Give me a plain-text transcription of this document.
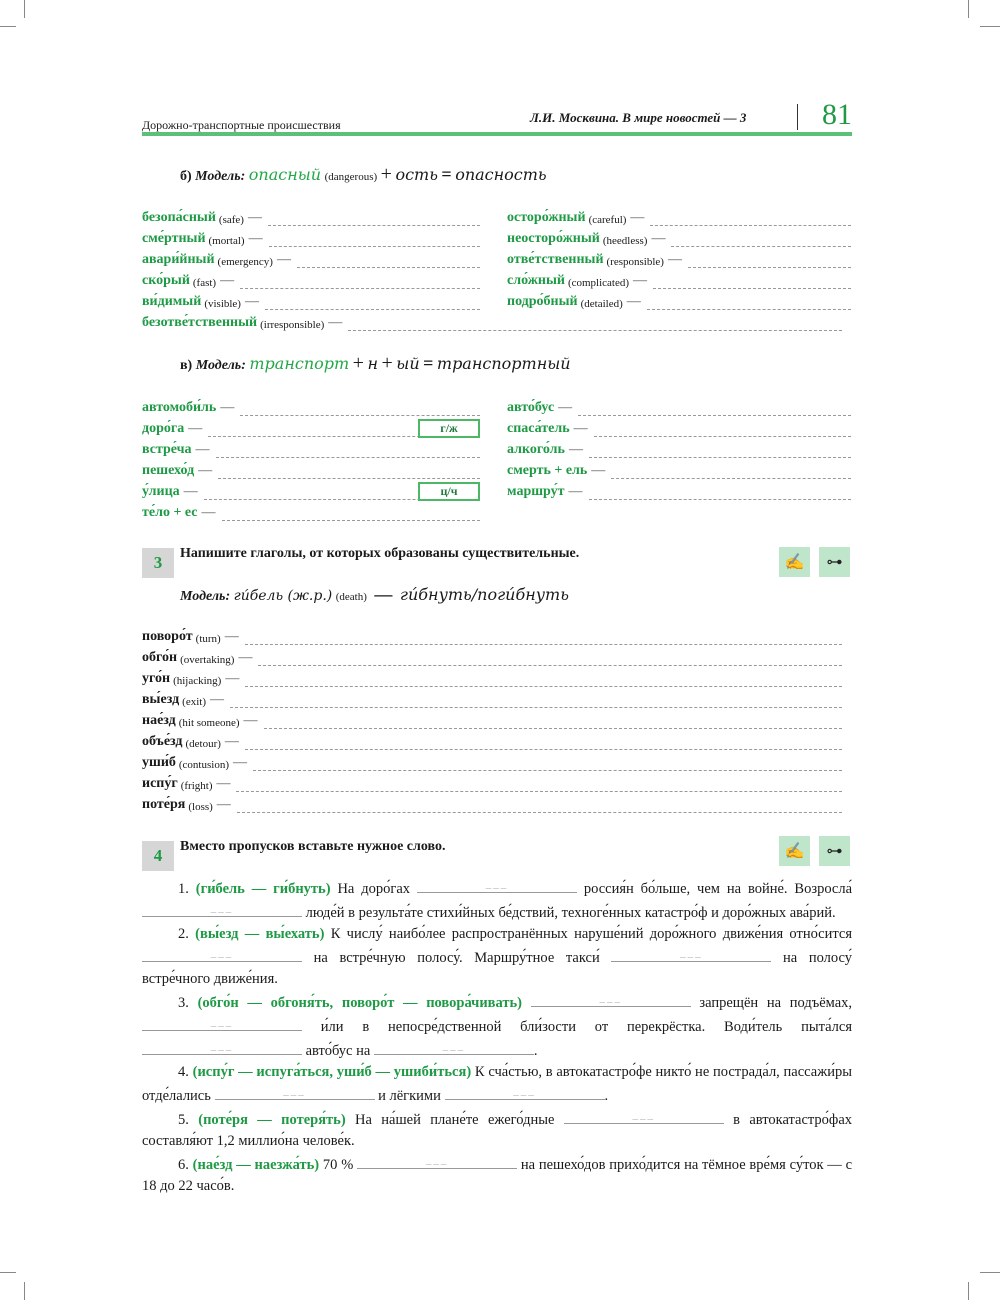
Дорожно-транспортные происшествия	Л.И. Москвина. В мире новостей — 3	81
б) Модель: опасный (dangerous) + ость = опасность
безопа́сный (safe) —
сме́ртный (mortal) —
авари́йный (emergency) —
ско́рый (fast) —
ви́димый (visible) —
осторо́жный (careful) —
неосторо́жный (heedless) —
отве́тственный (responsible) —
сло́жный (complicated) —
подро́бный (detailed) —
безотве́тственный (irresponsible) —
в) Модель: транспорт + н + ый = транспортный
автомоби́ль —
доро́га —	г/ж
встре́ча —
пешехо́д —
у́лица —	ц/ч
те́ло + ес —
авто́бус —
спаса́тель —
алкого́ль —
смерть + ель —
маршру́т —
3	Напишите глаголы, от которых образованы существительные.
✍	⊶
Модель: ги́бель (ж.р.) (death) — ги́бнуть/поги́бнуть
поворо́т (turn) —
обго́н (overtaking) —
уго́н (hijacking) —
вы́езд (exit) —
нае́зд (hit someone) —
объе́зд (detour) —
уши́б (contusion) —
испу́г (fright) —
поте́ря (loss) —
4	Вместо пропусков вставьте нужное слово.	✍	⊶

1. (ги́бель — ги́бнуть) На доро́гах	___	россия́н бо́льше, чем на войне́. Возросла́ ___	люде́й в результа́те стихи́йных бе́дствий, техноге́нных катастро́ф и доро́жных ава́рий.

2. (вы́езд — вы́ехать) К числу́ наибо́лее распространённых наруше́ний доро́жного движе́ния отно́сится ___	на встре́чную полосу́. Маршру́тное такси́	___	на полосу́ встре́чного движе́ния.

3. (обго́н — обгоня́ть, поворо́т — повора́чивать)	___	запрещён на подъёмах, ___	и́ли в непосре́дственной бли́зости от перекрёстка. Води́тель пыта́лся ___	авто́бус на	___	.

4. (испу́г — испуга́ться, уши́б — ушиби́ться) К сча́стью, в автокатастро́фе никто́ не пострада́л, пассажи́ры отде́лались	___	и лёгкими	___	.

5. (поте́ря — потеря́ть) На на́шей плане́те ежего́дные	___	в автокатастро́фах составля́ют 1,2 миллио́на челове́к.

6. (нае́зд — наезжа́ть) 70 %	___	на пешехо́дов прихо́дится на тёмное вре́мя су́ток — с 18 до 22 часо́в.
